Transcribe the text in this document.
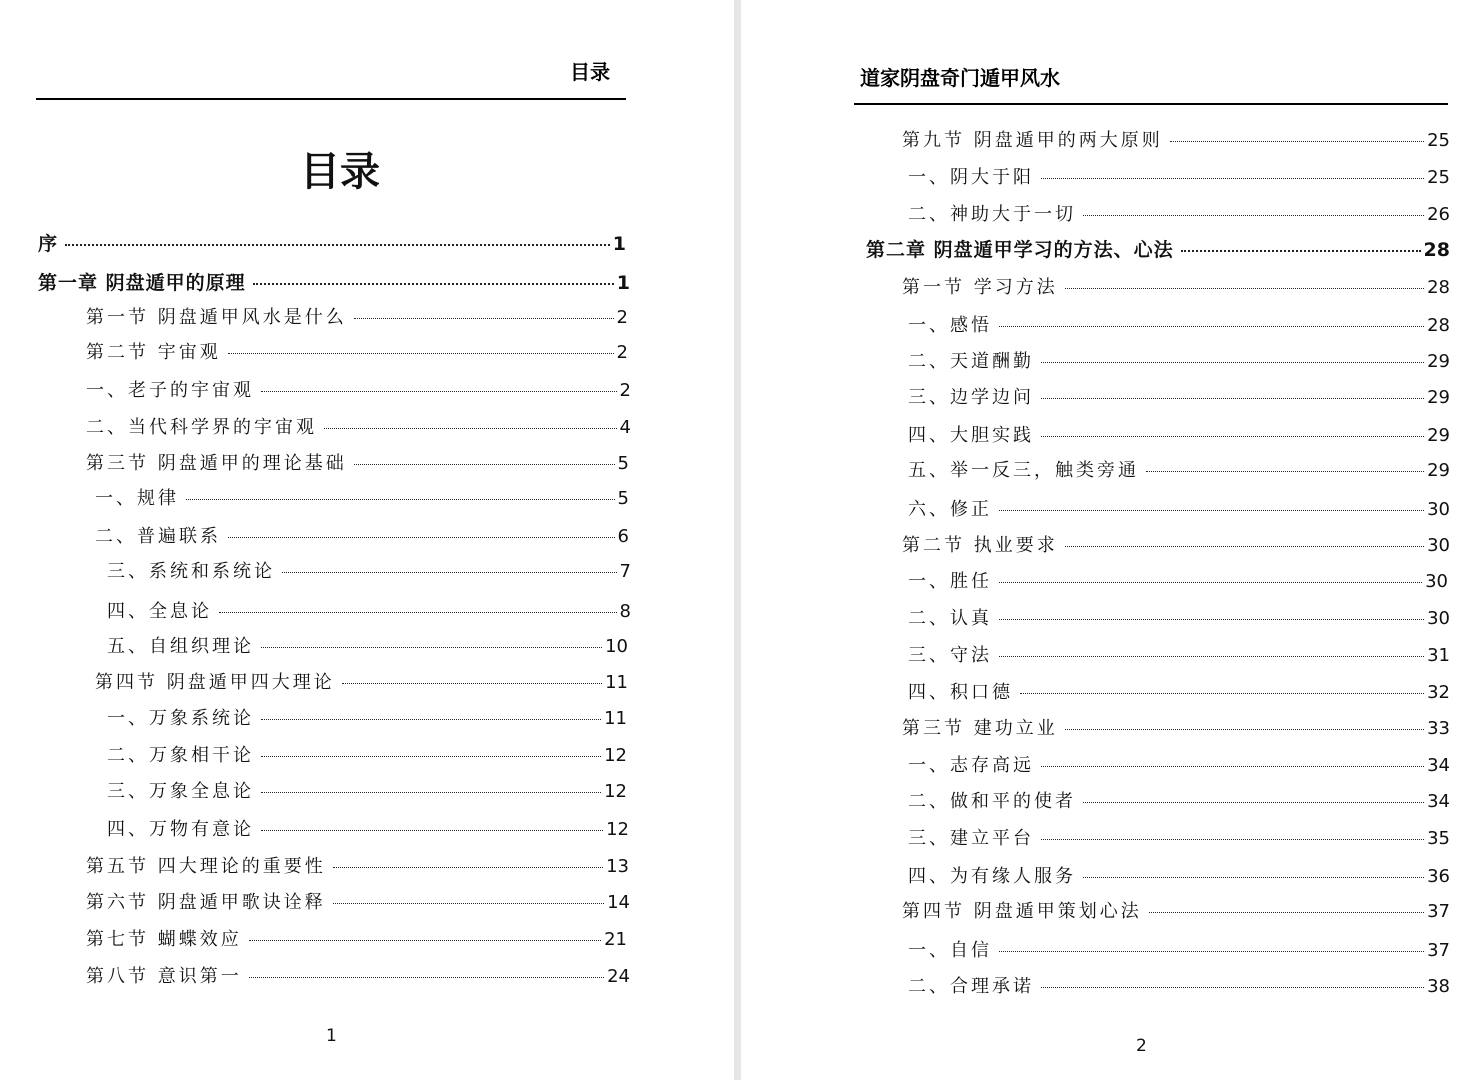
目录
目录
序	1
第一章 阴盘遁甲的原理	1
第一节 阴盘遁甲风水是什么	2
第二节 宇宙观	2
一、老子的宇宙观	2
二、当代科学界的宇宙观	4
第三节 阴盘遁甲的理论基础	5
一、规律	5
二、普遍联系	6
三、系统和系统论	7
四、全息论	8
五、自组织理论	10
第四节 阴盘遁甲四大理论	11
一、万象系统论	11
二、万象相干论	12
三、万象全息论	12
四、万物有意论	12
第五节 四大理论的重要性	13
第六节 阴盘遁甲歌诀诠释	14
第七节 蝴蝶效应	21
第八节 意识第一	24
1
道家阴盘奇门遁甲风水
第九节 阴盘遁甲的两大原则	25
一、阴大于阳	25
二、神助大于一切	26
第二章 阴盘遁甲学习的方法、心法	28
第一节 学习方法	28
一、感悟	28
二、天道酬勤	29
三、边学边问	29
四、大胆实践	29
五、举一反三，触类旁通	29
六、修正	30
第二节 执业要求	30
一、胜任	30
二、认真	30
三、守法	31
四、积口德	32
第三节 建功立业	33
一、志存高远	34
二、做和平的使者	34
三、建立平台	35
四、为有缘人服务	36
第四节 阴盘遁甲策划心法	37
一、自信	37
二、合理承诺	38
2
